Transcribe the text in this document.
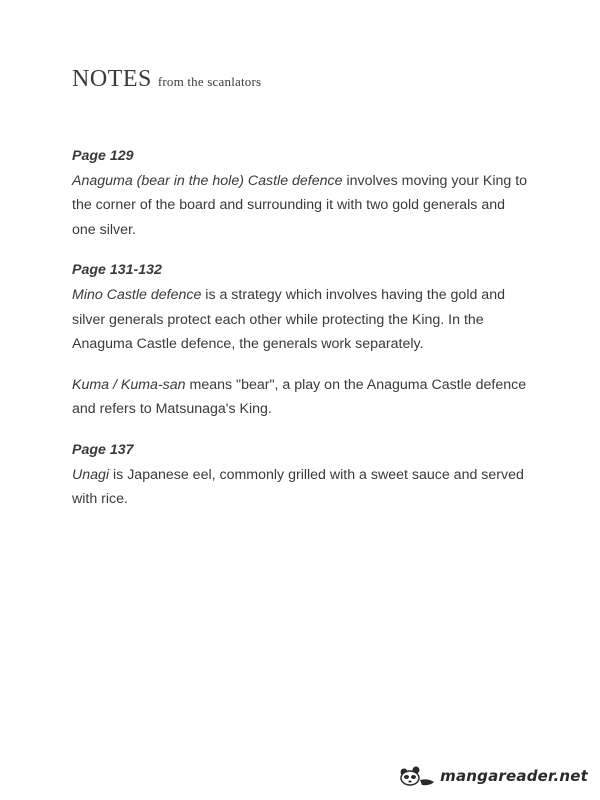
NOTES from the scanlators

Page 129

Anaguma (bear in the hole) Castle defence involves moving your King to the corner of the board and surrounding it with two gold generals and one silver.

Page 131-132

Mino Castle defence is a strategy which involves having the gold and silver generals protect each other while protecting the King. In the Anaguma Castle defence, the generals work separately.

Kuma / Kuma-san means "bear", a play on the Anaguma Castle defence and refers to Matsunaga's King.

Page 137

Unagi is Japanese eel, commonly grilled with a sweet sauce and served with rice.

mangareader.net
